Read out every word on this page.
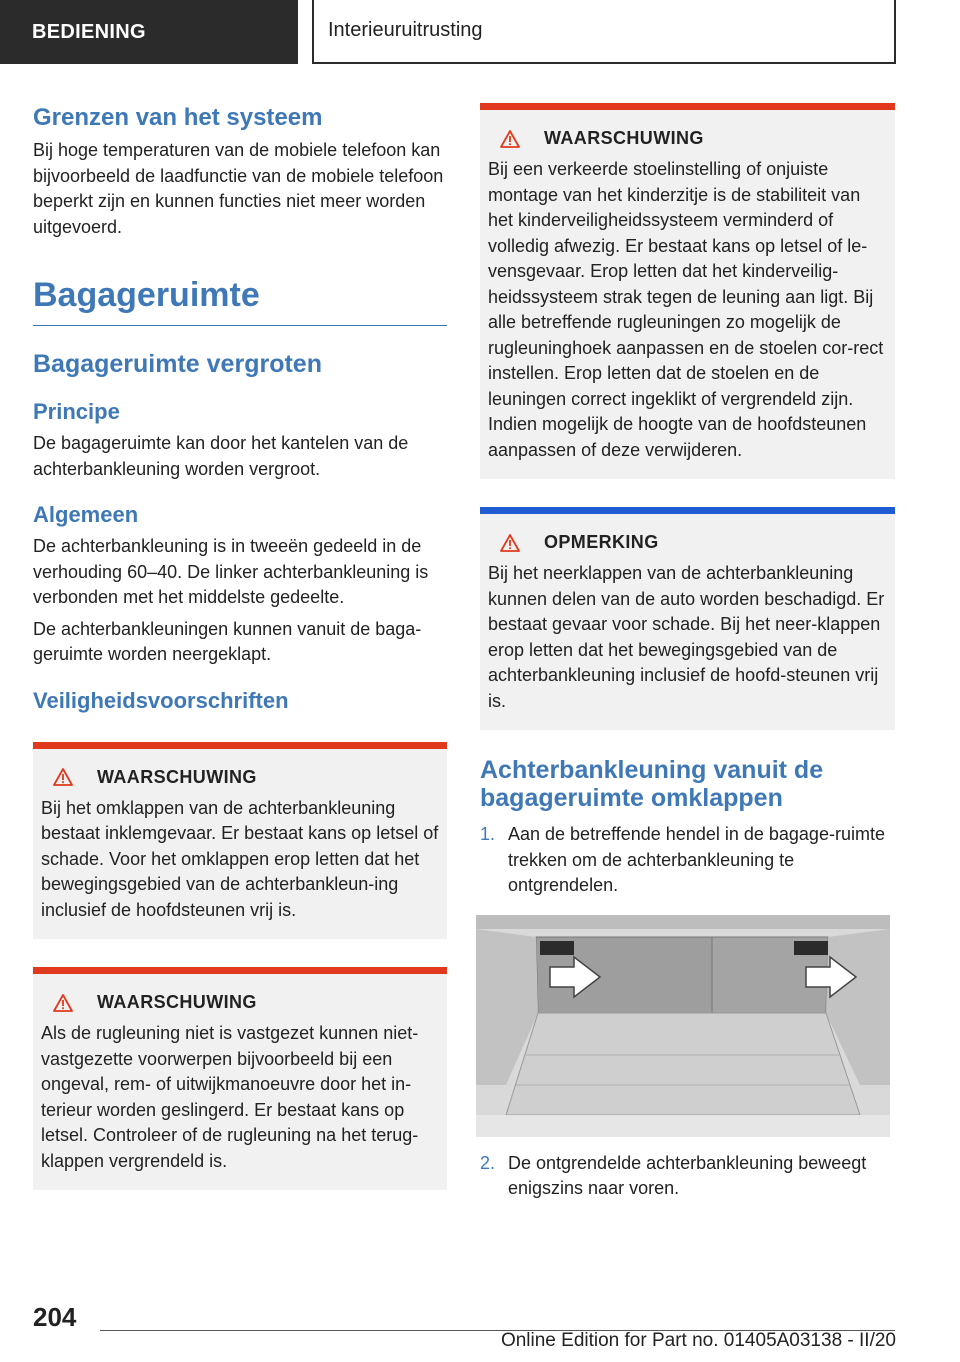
BEDIENING	Interieuruitrusting
Grenzen van het systeem

Bij hoge temperaturen van de mobiele telefoon kan bijvoorbeeld de laadfunctie van de mobiele telefoon beperkt zijn en kunnen functies niet meer worden uitgevoerd.

Bagageruimte
Bagageruimte vergroten
Principe

De bagageruimte kan door het kantelen van de achterbankleuning worden vergroot.

Algemeen

De achterbankleuning is in tweeën gedeeld in de verhouding 60–40. De linker achterbankleuning is verbonden met het middelste gedeelte.

De achterbankleuningen kunnen vanuit de baga-geruimte worden neergeklapt.

Veiligheidsvoorschriften
WAARSCHUWING

Bij het omklappen van de achterbankleuning bestaat inklemgevaar. Er bestaat kans op letsel of schade. Voor het omklappen erop letten dat het bewegingsgebied van de achterbankleun-ing inclusief de hoofdsteunen vrij is.

WAARSCHUWING

Als de rugleuning niet is vastgezet kunnen niet-vastgezette voorwerpen bijvoorbeeld bij een ongeval, rem- of uitwijkmanoeuvre door het in-terieur worden geslingerd. Er bestaat kans op letsel. Controleer of de rugleuning na het terug-klappen vergrendeld is.

WAARSCHUWING

Bij een verkeerde stoelinstelling of onjuiste montage van het kinderzitje is de stabiliteit van het kinderveiligheidssysteem verminderd of volledig afwezig. Er bestaat kans op letsel of le-vensgevaar. Erop letten dat het kinderveilig-heidssysteem strak tegen de leuning aan ligt. Bij alle betreffende rugleuningen zo mogelijk de rugleuninghoek aanpassen en de stoelen cor-rect instellen. Erop letten dat de stoelen en de leuningen correct ingeklikt of vergrendeld zijn. Indien mogelijk de hoogte van de hoofdsteunen aanpassen of deze verwijderen.

OPMERKING

Bij het neerklappen van de achterbankleuning kunnen delen van de auto worden beschadigd. Er bestaat gevaar voor schade. Bij het neer-klappen erop letten dat het bewegingsgebied van de achterbankleuning inclusief de hoofd-steunen vrij is.

Achterbankleuning vanuit de bagageruimte omklappen
1. Aan de betreffende hendel in de bagage-ruimte trekken om de achterbankleuning te ontgrendelen.
2. De ontgrendelde achterbankleuning beweegt enigszins naar voren.
204
Online Edition for Part no. 01405A03138 - II/20
